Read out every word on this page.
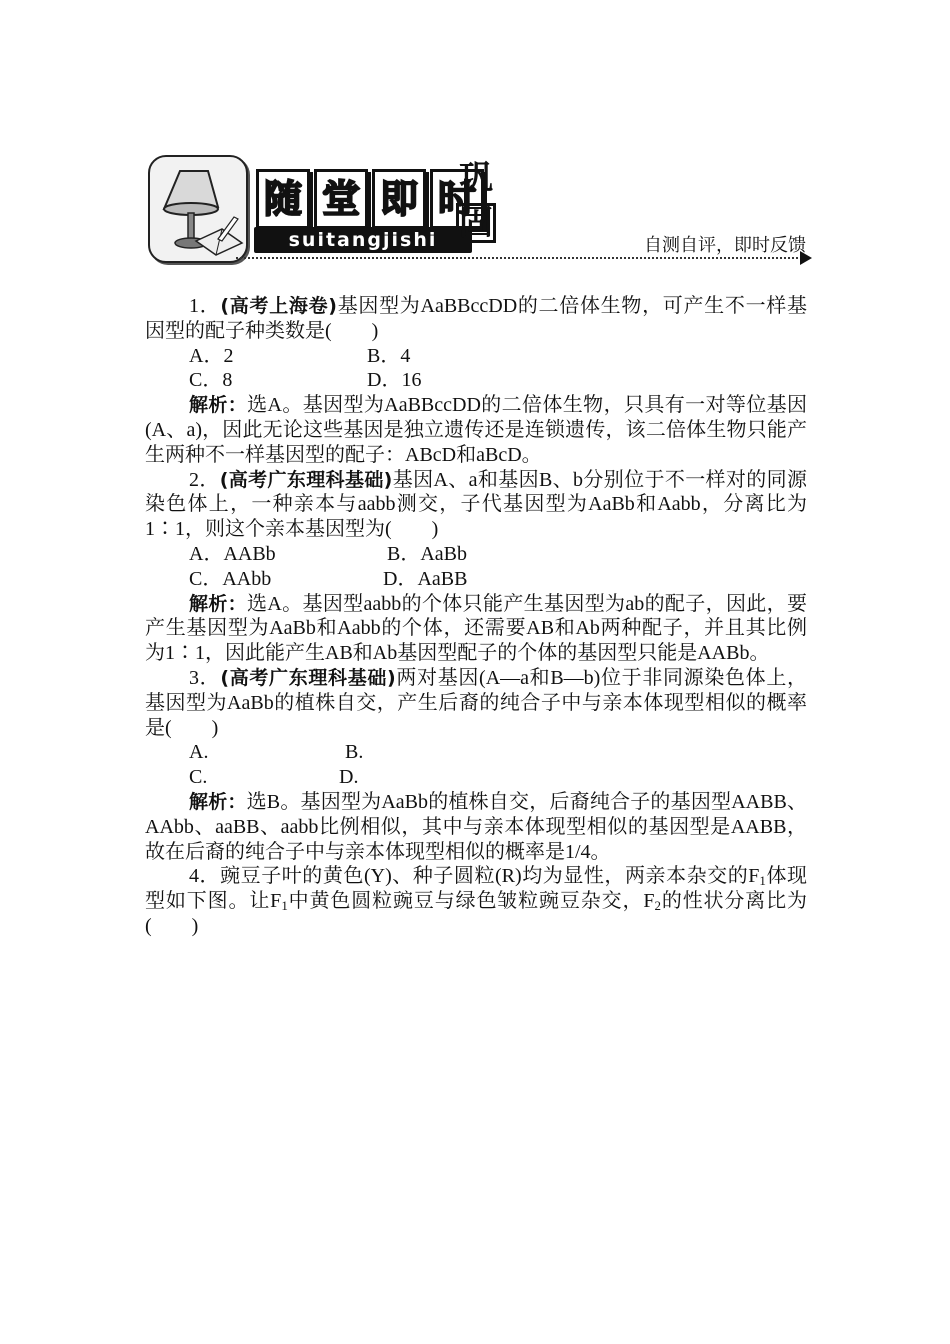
随 堂 即 时
suitangjishi
巩
固
自测自评，即时反馈

1．(高考上海卷)基因型为AaBBccDD的二倍体生物，可产生不一样基因型的配子种类数是(　　)

A．2	B．4
C．8	D．16

解析：选A。基因型为AaBBccDD的二倍体生物，只具有一对等位基因(A、a)，因此无论这些基因是独立遗传还是连锁遗传，该二倍体生物只能产生两种不一样基因型的配子：ABcD和aBcD。

2．(高考广东理科基础)基因A、a和基因B、b分别位于不一样对的同源染色体上，一种亲本与aabb测交，子代基因型为AaBb和Aabb，分离比为1∶1，则这个亲本基因型为(　　)

A．AABb	B．AaBb
C．AAbb	D．AaBB

解析：选A。基因型aabb的个体只能产生基因型为ab的配子，因此，要产生基因型为AaBb和Aabb的个体，还需要AB和Ab两种配子，并且其比例为1∶1，因此能产生AB和Ab基因型配子的个体的基因型只能是AABb。

3．(高考广东理科基础)两对基因(A—a和B—b)位于非同源染色体上，基因型为AaBb的植株自交，产生后裔的纯合子中与亲本体现型相似的概率是(　　)

A.	B.
C.	D.

解析：选B。基因型为AaBb的植株自交，后裔纯合子的基因型AABB、AAbb、aaBB、aabb比例相似，其中与亲本体现型相似的基因型是AABB，故在后裔的纯合子中与亲本体现型相似的概率是1/4。

4．豌豆子叶的黄色(Y)、种子圆粒(R)均为显性，两亲本杂交的$F_1$体现型如下图。让$F_1$中黄色圆粒豌豆与绿色皱粒豌豆杂交，$F_2$的性状分离比为(　　)
